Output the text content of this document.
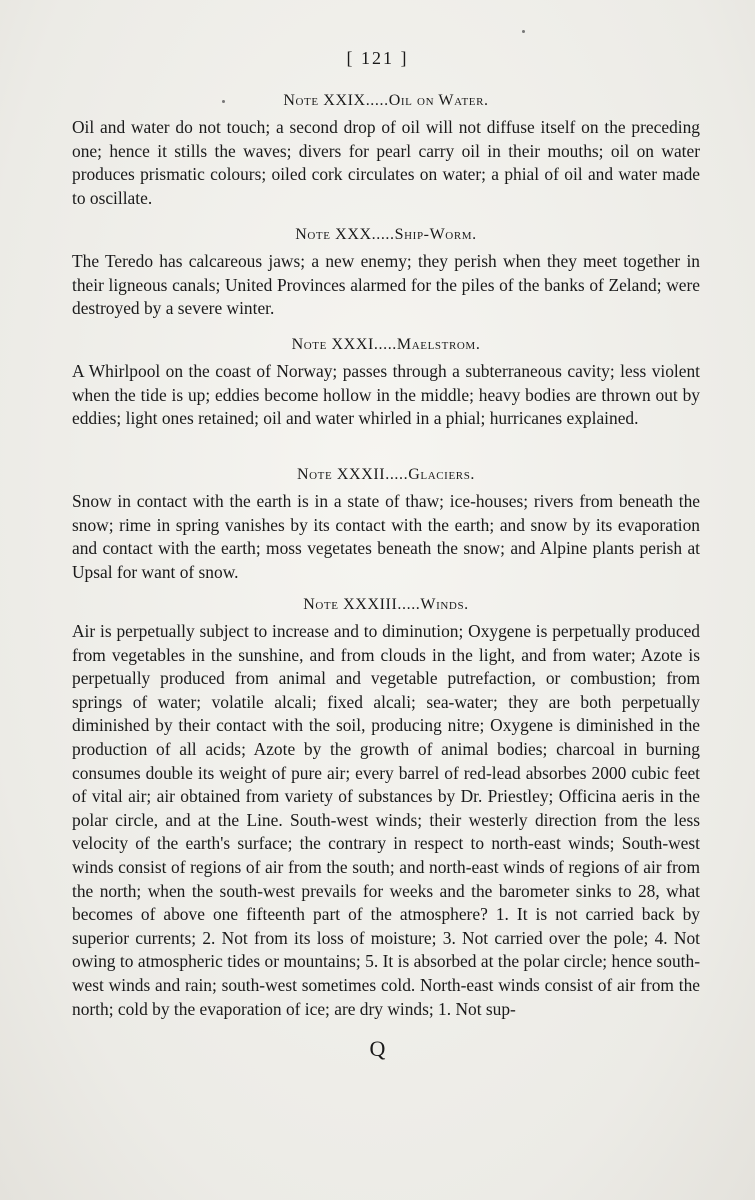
[ 121 ]
Note XXIX.....Oil on Water.

Oil and water do not touch; a second drop of oil will not diffuse itself on the preceding one; hence it stills the waves; divers for pearl carry oil in their mouths; oil on water produces prismatic colours; oiled cork circulates on water; a phial of oil and water made to oscillate.

Note XXX.....Ship-Worm.

The Teredo has calcareous jaws; a new enemy; they perish when they meet together in their ligneous canals; United Provinces alarmed for the piles of the banks of Zeland; were destroyed by a severe winter.

Note XXXI.....Maelstrom.

A Whirlpool on the coast of Norway; passes through a subterraneous cavity; less violent when the tide is up; eddies become hollow in the middle; heavy bodies are thrown out by eddies; light ones retained; oil and water whirled in a phial; hurricanes explained.

Note XXXII.....Glaciers.

Snow in contact with the earth is in a state of thaw; ice-houses; rivers from beneath the snow; rime in spring vanishes by its contact with the earth; and snow by its evaporation and contact with the earth; moss vegetates beneath the snow; and Alpine plants perish at Upsal for want of snow.

Note XXXIII.....Winds.

Air is perpetually subject to increase and to diminution; Oxygene is perpetually produced from vegetables in the sunshine, and from clouds in the light, and from water; Azote is perpetually produced from animal and vegetable putrefaction, or combustion; from springs of water; volatile alcali; fixed alcali; sea-water; they are both perpetually diminished by their contact with the soil, producing nitre; Oxygene is diminished in the production of all acids; Azote by the growth of animal bodies; charcoal in burning consumes double its weight of pure air; every barrel of red-lead absorbes 2000 cubic feet of vital air; air obtained from variety of substances by Dr. Priestley; Officina aeris in the polar circle, and at the Line. South-west winds; their westerly direction from the less velocity of the earth's surface; the contrary in respect to north-east winds; South-west winds consist of regions of air from the south; and north-east winds of regions of air from the north; when the south-west prevails for weeks and the barometer sinks to 28, what becomes of above one fifteenth part of the atmosphere? 1. It is not carried back by superior currents; 2. Not from its loss of moisture; 3. Not carried over the pole; 4. Not owing to atmospheric tides or mountains; 5. It is absorbed at the polar circle; hence south-west winds and rain; south-west sometimes cold. North-east winds consist of air from the north; cold by the evaporation of ice; are dry winds; 1. Not sup-

Q
